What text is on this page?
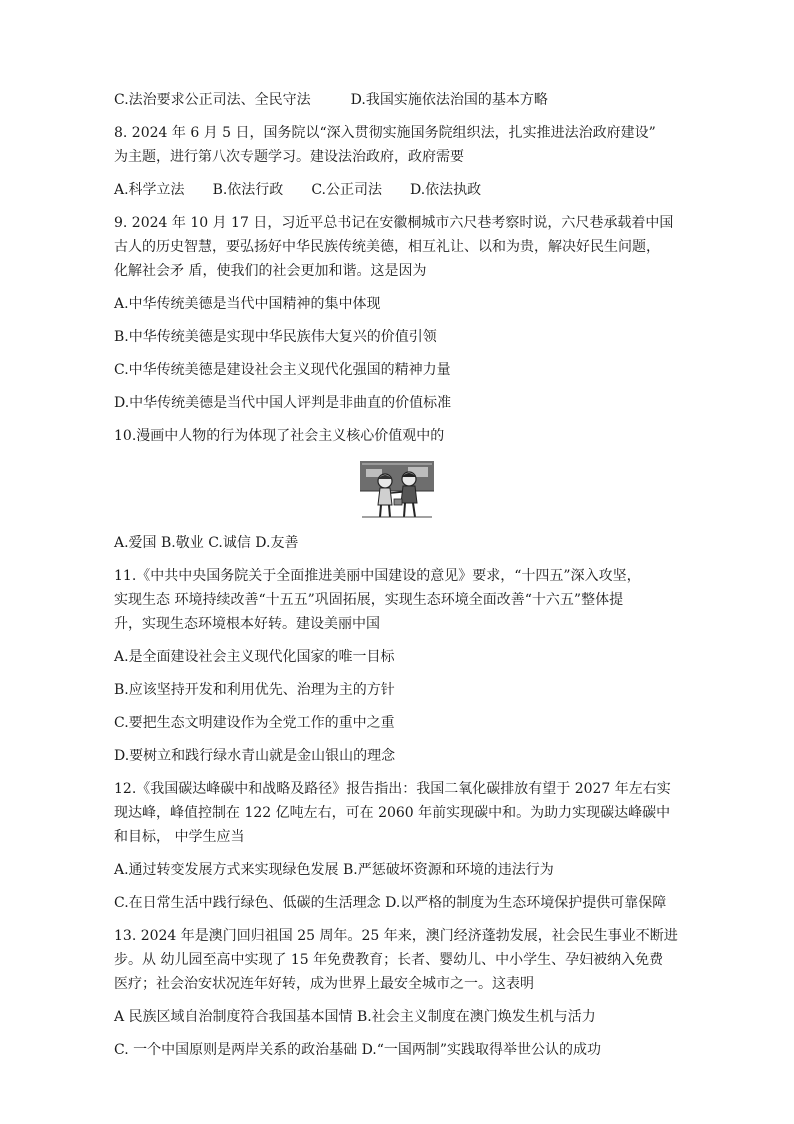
C.法治要求公正司法、全民守法	D.我国实施依法治国的基本方略
8. 2024 年 6 月 5 日，国务院以“深入贯彻实施国务院组织法，扎实推进法治政府建设”
为主题，进行第八次专题学习。建设法治政府，政府需要
A.科学立法 B.依法行政 C.公正司法 D.依法执政
9. 2024 年 10 月 17 日，习近平总书记在安徽桐城市六尺巷考察时说，六尺巷承载着中国
古人的历史智慧，要弘扬好中华民族传统美德，相互礼让、以和为贵，解决好民生问题，
化解社会矛 盾，使我们的社会更加和谐。这是因为
A.中华传统美德是当代中国精神的集中体现
B.中华传统美德是实现中华民族伟大复兴的价值引领
C.中华传统美德是建设社会主义现代化强国的精神力量
D.中华传统美德是当代中国人评判是非曲直的价值标准
10.漫画中人物的行为体现了社会主义核心价值观中的
A.爱国 B.敬业 C.诚信 D.友善
11.《中共中央国务院关于全面推进美丽中国建设的意见》要求，“十四五”深入攻坚，
实现生态 环境持续改善“十五五”巩固拓展，实现生态环境全面改善“十六五”整体提
升，实现生态环境根本好转。建设美丽中国
A.是全面建设社会主义现代化国家的唯一目标
B.应该坚持开发和利用优先、治理为主的方针
C.要把生态文明建设作为全党工作的重中之重
D.要树立和践行绿水青山就是金山银山的理念
12.《我国碳达峰碳中和战略及路径》报告指出：我国二氧化碳排放有望于 2027 年左右实
现达峰，峰值控制在 122 亿吨左右，可在 2060 年前实现碳中和。为助力实现碳达峰碳中
和目标， 中学生应当
A.通过转变发展方式来实现绿色发展 B.严惩破坏资源和环境的违法行为
C.在日常生活中践行绿色、低碳的生活理念 D.以严格的制度为生态环境保护提供可靠保障
13. 2024 年是澳门回归祖国 25 周年。25 年来，澳门经济蓬勃发展，社会民生事业不断进
步。从 幼儿园至高中实现了 15 年免费教育；长者、婴幼儿、中小学生、孕妇被纳入免费
医疗；社会治安状况连年好转，成为世界上最安全城市之一。这表明
A 民族区域自治制度符合我国基本国情 B.社会主义制度在澳门焕发生机与活力
C. 一个中国原则是两岸关系的政治基础 D.“一国两制”实践取得举世公认的成功
